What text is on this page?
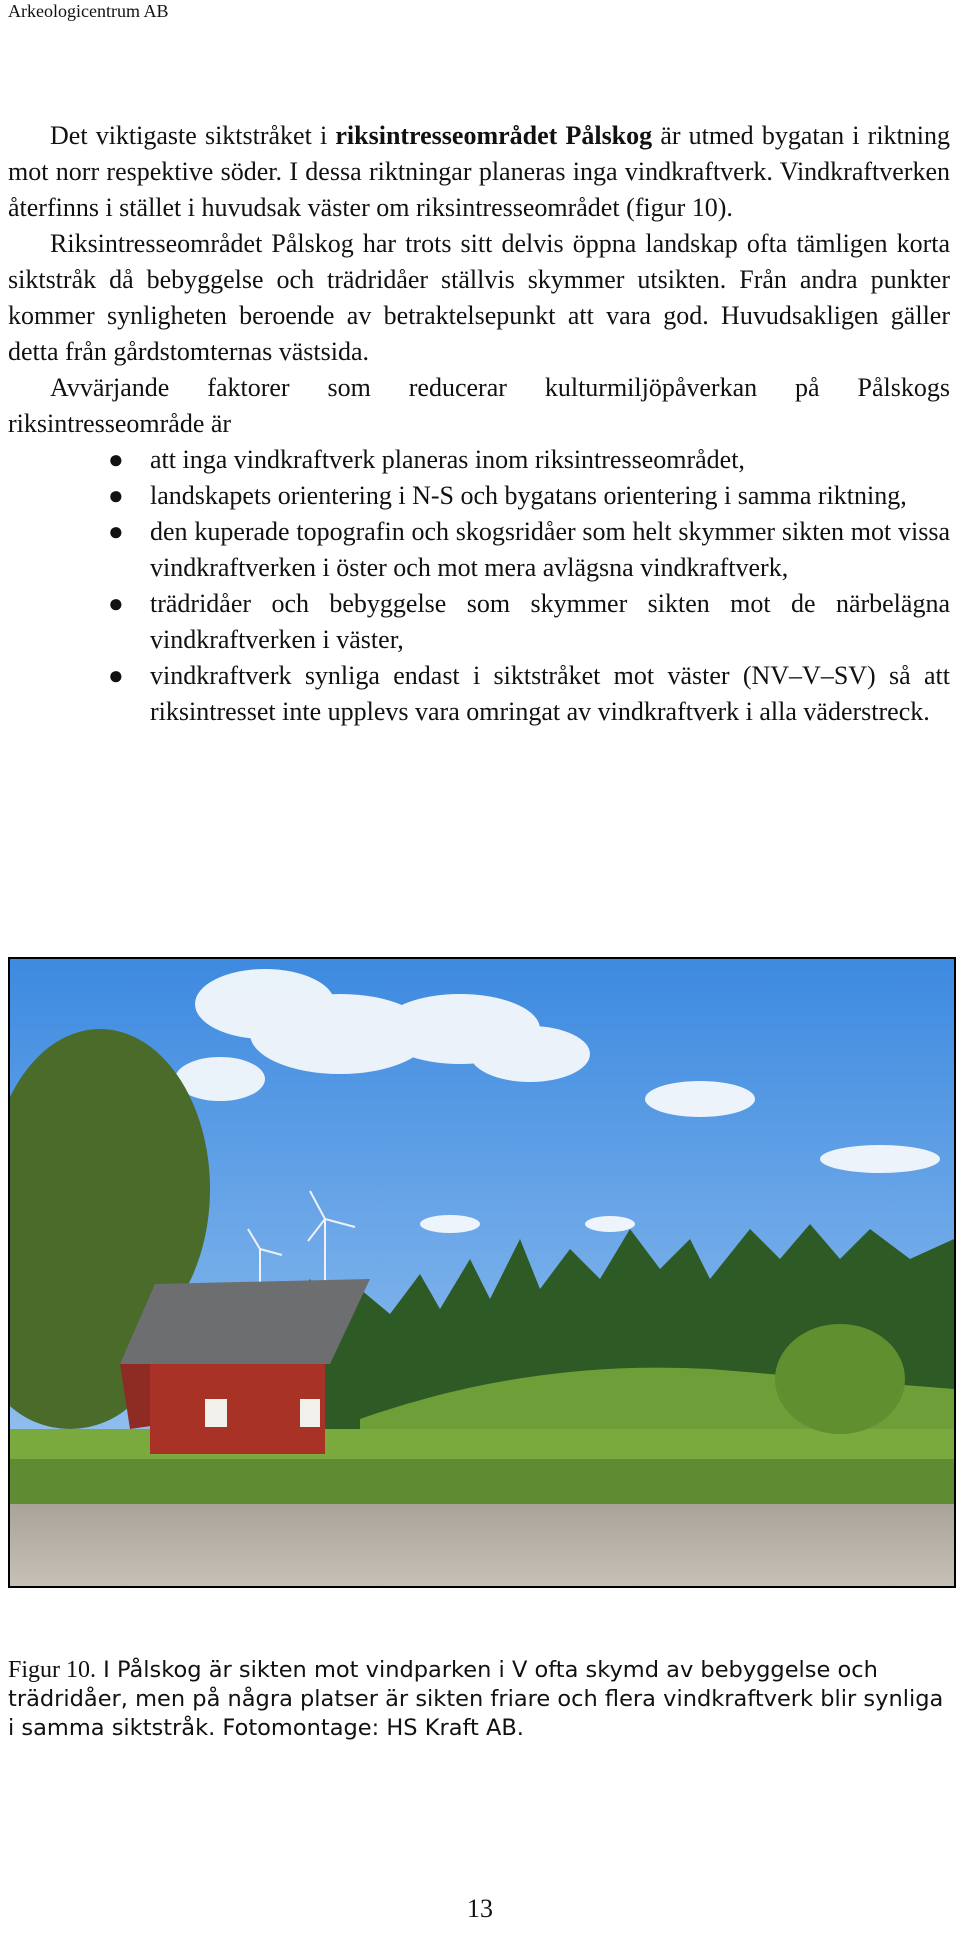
Arkeologicentrum AB

Det viktigaste siktstråket i riksintresseområdet Pålskog är utmed bygatan i riktning mot norr respektive söder. I dessa riktningar planeras inga vindkraftverk. Vindkraftverken återfinns i stället i huvudsak väster om riksintresseområdet (figur 10).

Riksintresseområdet Pålskog har trots sitt delvis öppna landskap ofta tämligen korta siktstråk då bebyggelse och trädridåer ställvis skymmer utsikten. Från andra punkter kommer synligheten beroende av betraktelsepunkt att vara god. Huvudsakligen gäller detta från gårdstomternas västsida.

Avvärjande faktorer som reducerar kulturmiljöpåverkan på Pålskogs riksintresseområde är

● att inga vindkraftverk planeras inom riksintresseområdet,
● landskapets orientering i N-S och bygatans orientering i samma riktning,
● den kuperade topografin och skogsridåer som helt skymmer sikten mot vissa vindkraftverken i öster och mot mera avlägsna vindkraftverk,
● trädridåer och bebyggelse som skymmer sikten mot de närbelägna vindkraftverken i väster,
● vindkraftverk synliga endast i siktstråket mot väster (NV–V–SV) så att riksintresset inte upplevs vara omringat av vindkraftverk i alla väderstreck.
Figur 10. I Pålskog är sikten mot vindparken i V ofta skymd av bebyggelse och trädridåer, men på några platser är sikten friare och flera vindkraftverk blir synliga i samma siktstråk. Fotomontage: HS Kraft AB.
13
